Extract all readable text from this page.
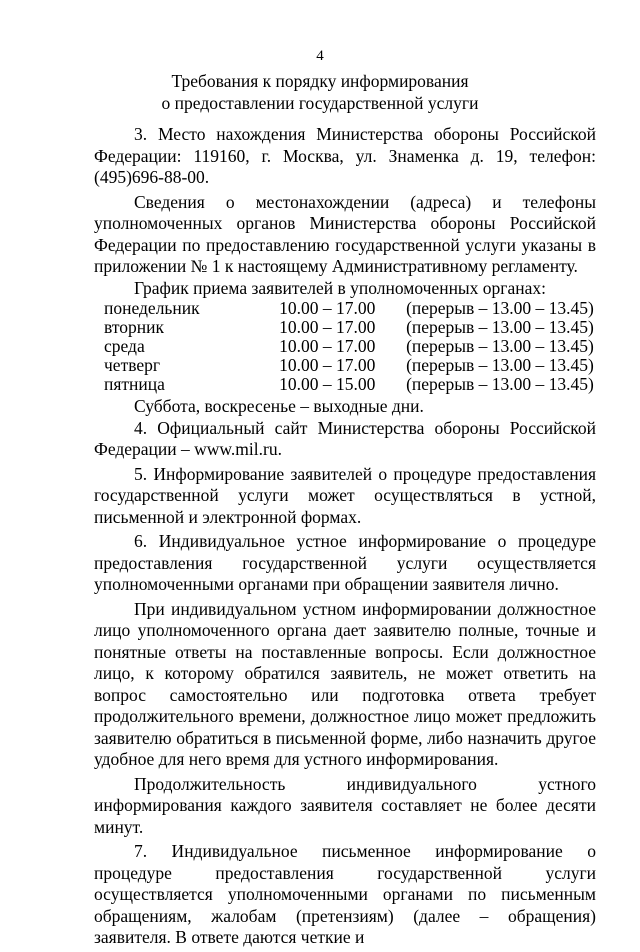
4
Требования к порядку информирования
о предоставлении государственной услуги

3. Место нахождения Министерства обороны Российской Федерации: 119160, г. Москва, ул. Знаменка д. 19, телефон: (495)696-88-00.

Сведения о местонахождении (адреса) и телефоны уполномоченных органов Министерства обороны Российской Федерации по предоставлению государственной услуги указаны в приложении № 1 к настоящему Административному регламенту.

График приема заявителей в уполномоченных органах:

понедельник	10.00 – 17.00	(перерыв – 13.00 – 13.45)
вторник	10.00 – 17.00	(перерыв – 13.00 – 13.45)
среда	10.00 – 17.00	(перерыв – 13.00 – 13.45)
четверг	10.00 – 17.00	(перерыв – 13.00 – 13.45)
пятница	10.00 – 15.00	(перерыв – 13.00 – 13.45)

Суббота, воскресенье – выходные дни.

4. Официальный сайт Министерства обороны Российской Федерации – www.mil.ru.

5. Информирование заявителей о процедуре предоставления государственной услуги может осуществляться в устной, письменной и электронной формах.

6. Индивидуальное устное информирование о процедуре предоставления государственной услуги осуществляется уполномоченными органами при обращении заявителя лично.

При индивидуальном устном информировании должностное лицо уполномоченного органа дает заявителю полные, точные и понятные ответы на поставленные вопросы. Если должностное лицо, к которому обратился заявитель, не может ответить на вопрос самостоятельно или подготовка ответа требует продолжительного времени, должностное лицо может предложить заявителю обратиться в письменной форме, либо назначить другое удобное для него время для устного информирования.

Продолжительность индивидуального устного информирования каждого заявителя составляет не более десяти минут.

7. Индивидуальное письменное информирование о процедуре предоставления государственной услуги осуществляется уполномоченными органами по письменным обращениям, жалобам (претензиям) (далее – обращения) заявителя. В ответе даются четкие и
